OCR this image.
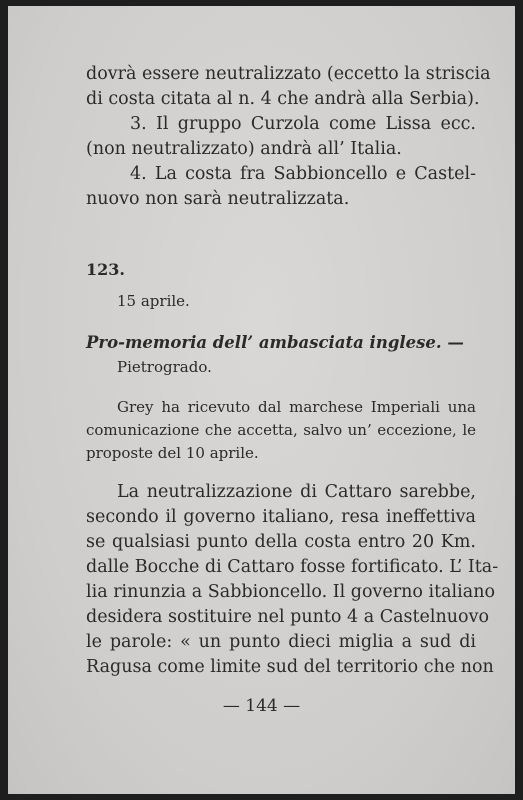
dovrà essere neutralizzato (eccetto la striscia
di costa citata al n. 4 che andrà alla Serbia).
3. Il gruppo Curzola come Lissa ecc.
(non neutralizzato) andrà all’ Italia.
4. La costa fra Sabbioncello e Castel-
nuovo non sarà neutralizzata.
123.
15 aprile.
Pro-memoria dell’ ambasciata inglese. —
Pietrogrado.
Grey ha ricevuto dal marchese Imperiali una
comunicazione che accetta, salvo un’ eccezione, le
proposte del 10 aprile.
La neutralizzazione di Cattaro sarebbe,
secondo il governo italiano, resa ineffettiva
se qualsiasi punto della costa entro 20 Km.
dalle Bocche di Cattaro fosse fortificato. L’ Ita-
lia rinunzia a Sabbioncello. Il governo italiano
desidera sostituire nel punto 4 a Castelnuovo
le parole: « un punto dieci miglia a sud di
Ragusa come limite sud del territorio che non
— 144 —
